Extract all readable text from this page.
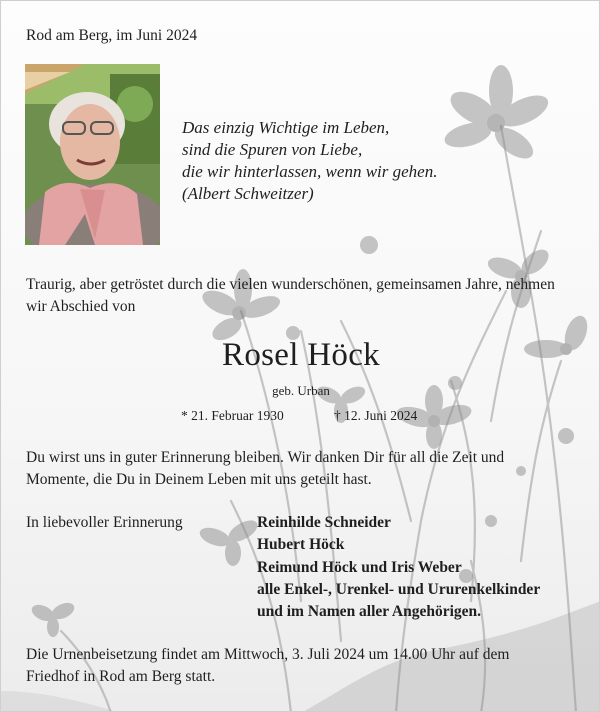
Rod am Berg, im Juni 2024
Das einzig Wichtige im Leben,
sind die Spuren von Liebe,
die wir hinterlassen, wenn wir gehen.
(Albert Schweitzer)
Traurig, aber getröstet durch die vielen wunderschönen, gemeinsamen Jahre, nehmen
wir Abschied von
Rosel Höck
geb. Urban
* 21. Februar 1930	† 12. Juni 2024
Du wirst uns in guter Erinnerung bleiben. Wir danken Dir für all die Zeit und
Momente, die Du in Deinem Leben mit uns geteilt hast.
In liebevoller Erinnerung	Reinhilde Schneider
Hubert Höck
Reimund Höck und Iris Weber
alle Enkel-, Urenkel- und Ururenkelkinder
und im Namen aller Angehörigen.
Die Urnenbeisetzung findet am Mittwoch, 3. Juli 2024 um 14.00 Uhr auf dem
Friedhof in Rod am Berg statt.
